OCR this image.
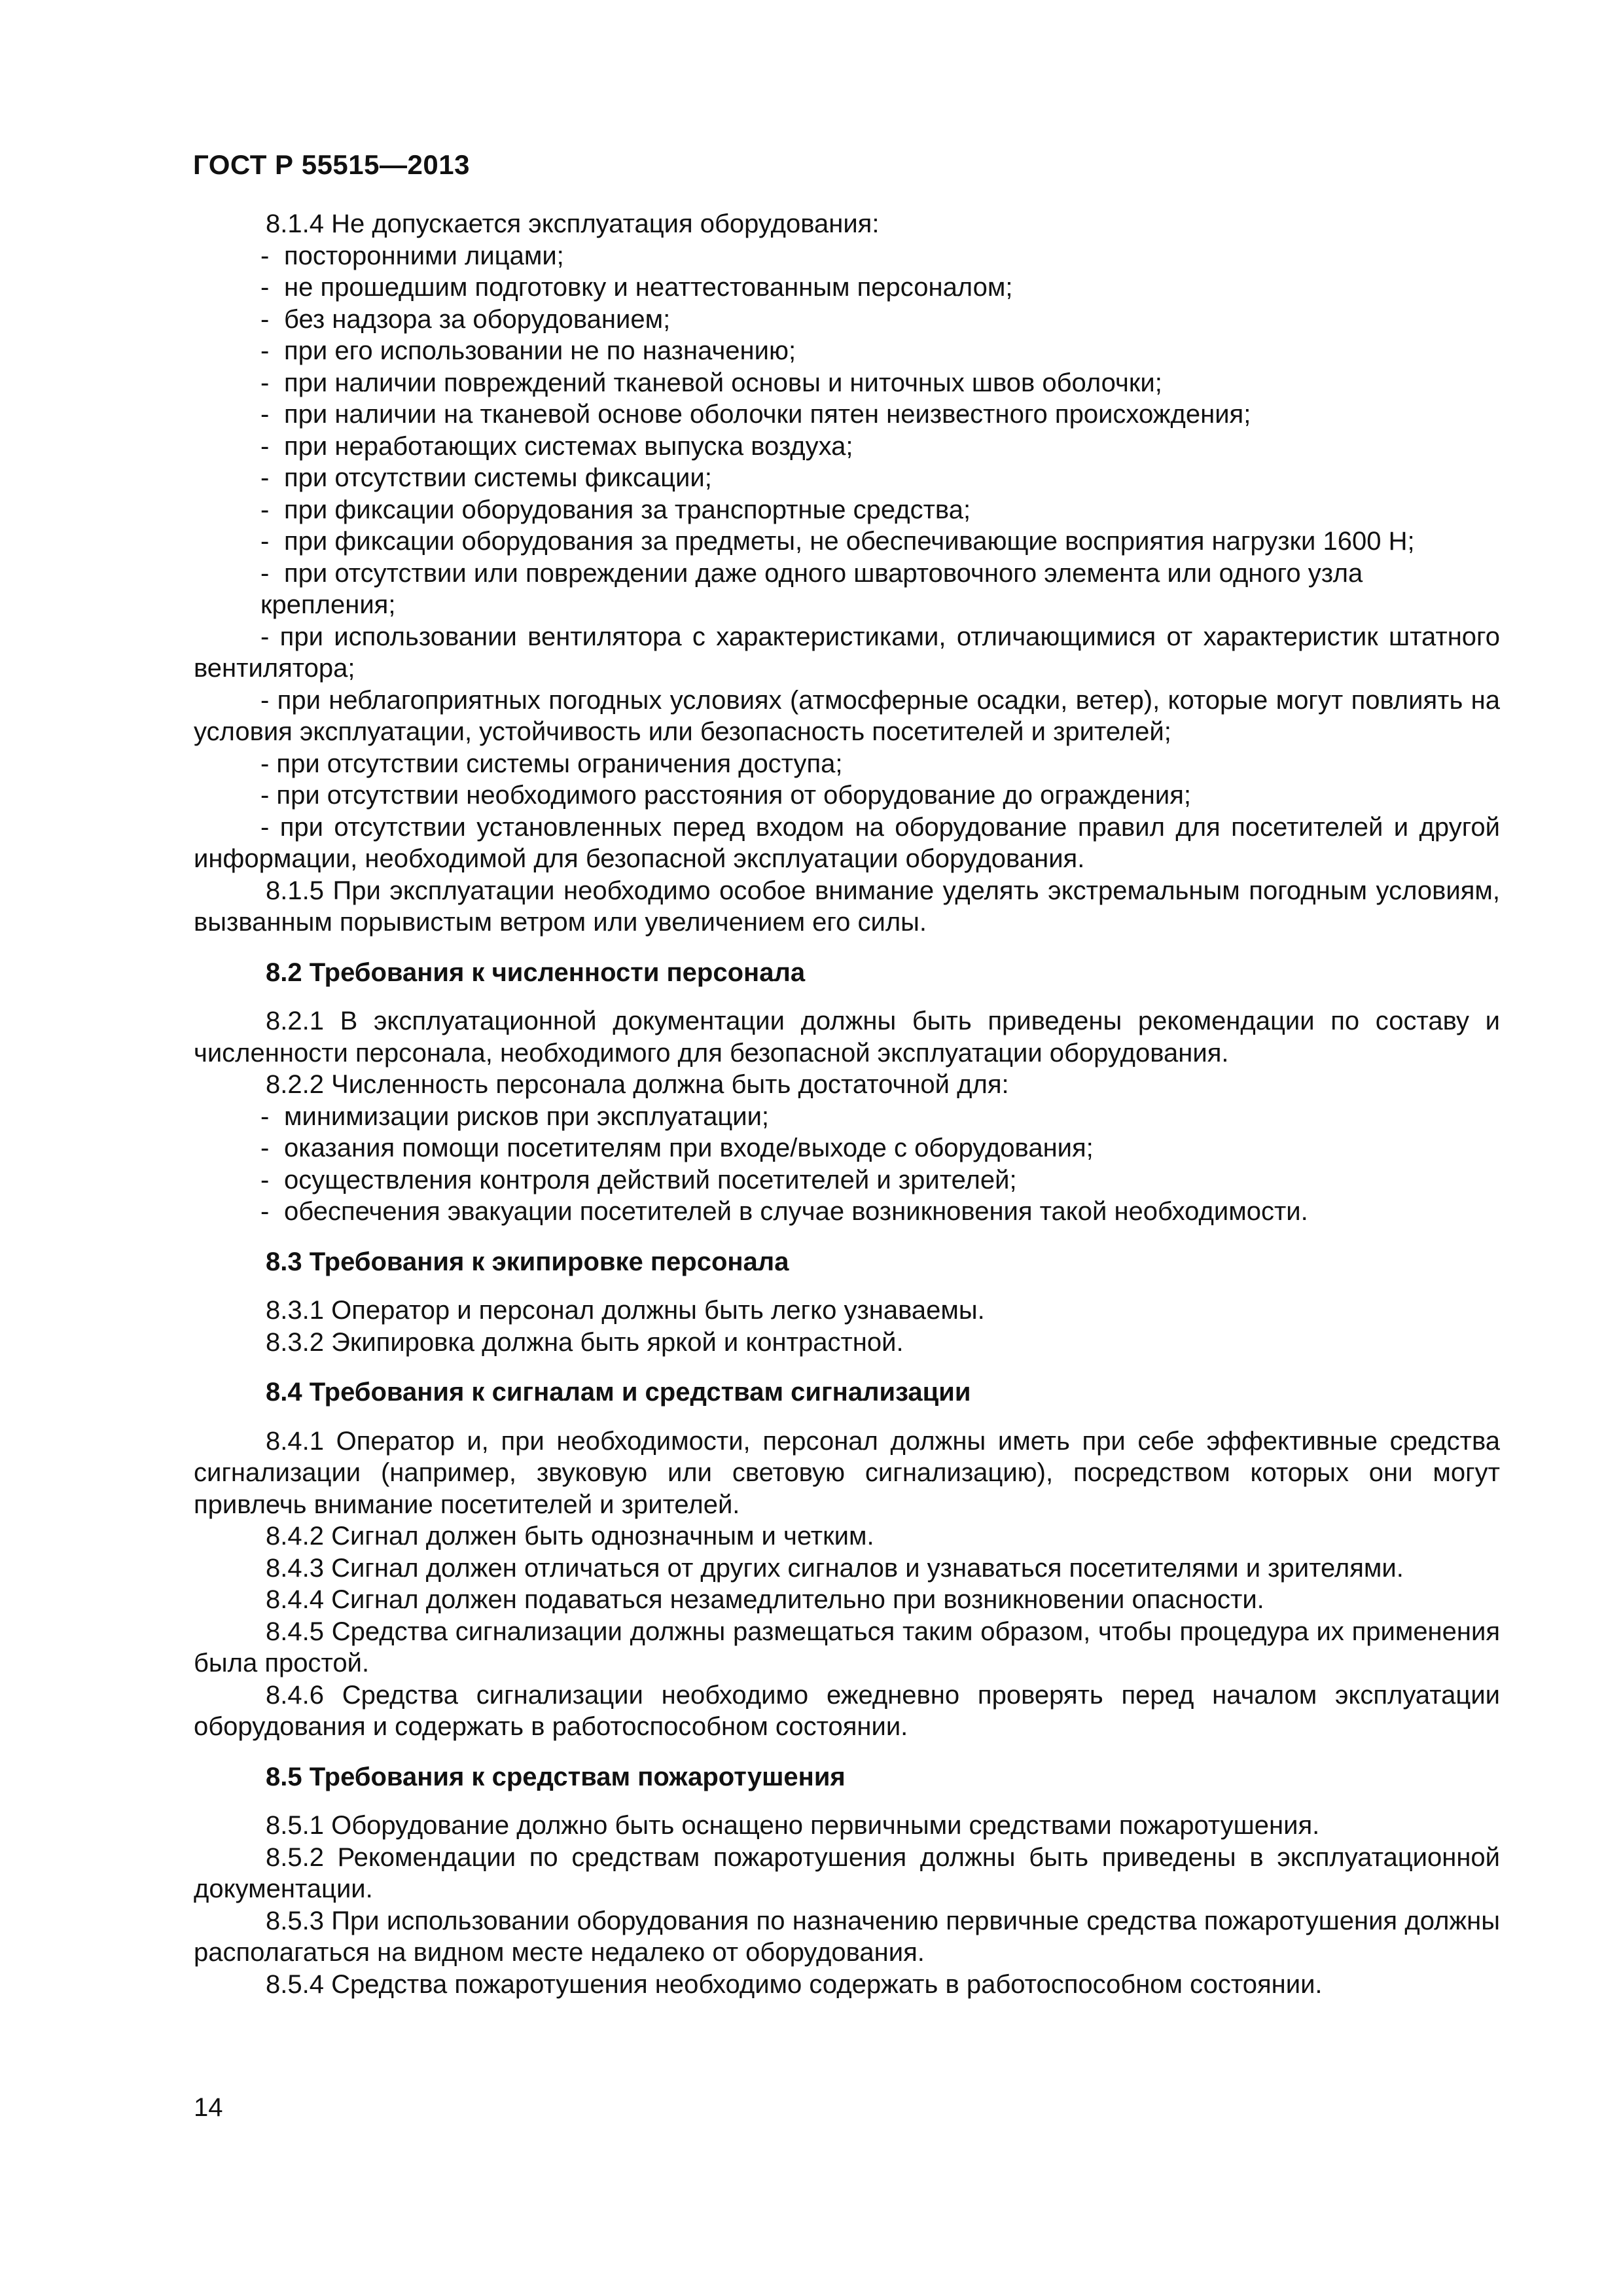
ГОСТ Р 55515—2013
8.1.4 Не допускается эксплуатация оборудования:
- посторонними лицами;
- не прошедшим подготовку и неаттестованным персоналом;
- без надзора за оборудованием;
- при его использовании не по назначению;
- при наличии повреждений тканевой основы и ниточных швов оболочки;
- при наличии на тканевой основе оболочки пятен неизвестного происхождения;
- при неработающих системах выпуска воздуха;
- при отсутствии системы фиксации;
- при фиксации оборудования за транспортные средства;
- при фиксации оборудования за предметы, не обеспечивающие восприятия нагрузки 1600 Н;
- при отсутствии или повреждении даже одного швартовочного элемента или одного узла крепления;
- при использовании вентилятора с характеристиками, отличающимися от характеристик штатного вентилятора;
- при неблагоприятных погодных условиях (атмосферные осадки, ветер), которые могут повлиять на условия эксплуатации, устойчивость или безопасность посетителей и зрителей;
- при отсутствии системы ограничения доступа;
- при отсутствии необходимого расстояния от оборудование до ограждения;
- при отсутствии установленных перед входом на оборудование правил для посетителей и другой информации, необходимой для безопасной эксплуатации оборудования.
8.1.5 При эксплуатации необходимо особое внимание уделять экстремальным погодным условиям, вызванным порывистым ветром или увеличением его силы.
8.2 Требования к численности персонала
8.2.1 В эксплуатационной документации должны быть приведены рекомендации по составу и численности персонала, необходимого для безопасной эксплуатации оборудования.
8.2.2 Численность персонала должна быть достаточной для:
- минимизации рисков при эксплуатации;
- оказания помощи посетителям при входе/выходе с оборудования;
- осуществления контроля действий посетителей и зрителей;
- обеспечения эвакуации посетителей в случае возникновения такой необходимости.
8.3 Требования к экипировке персонала
8.3.1 Оператор и персонал должны быть легко узнаваемы.
8.3.2 Экипировка должна быть яркой и контрастной.
8.4 Требования к сигналам и средствам сигнализации
8.4.1 Оператор и, при необходимости, персонал должны иметь при себе эффективные средства сигнализации (например, звуковую или световую сигнализацию), посредством которых они могут привлечь внимание посетителей и зрителей.
8.4.2 Сигнал должен быть однозначным и четким.
8.4.3 Сигнал должен отличаться от других сигналов и узнаваться посетителями и зрителями.
8.4.4 Сигнал должен подаваться незамедлительно при возникновении опасности.
8.4.5 Средства сигнализации должны размещаться таким образом, чтобы процедура их применения была простой.
8.4.6 Средства сигнализации необходимо ежедневно проверять перед началом эксплуатации оборудования и содержать в работоспособном состоянии.
8.5 Требования к средствам пожаротушения
8.5.1 Оборудование должно быть оснащено первичными средствами пожаротушения.
8.5.2 Рекомендации по средствам пожаротушения должны быть приведены в эксплуатационной документации.
8.5.3 При использовании оборудования по назначению первичные средства пожаротушения должны располагаться на видном месте недалеко от оборудования.
8.5.4 Средства пожаротушения необходимо содержать в работоспособном состоянии.
14
